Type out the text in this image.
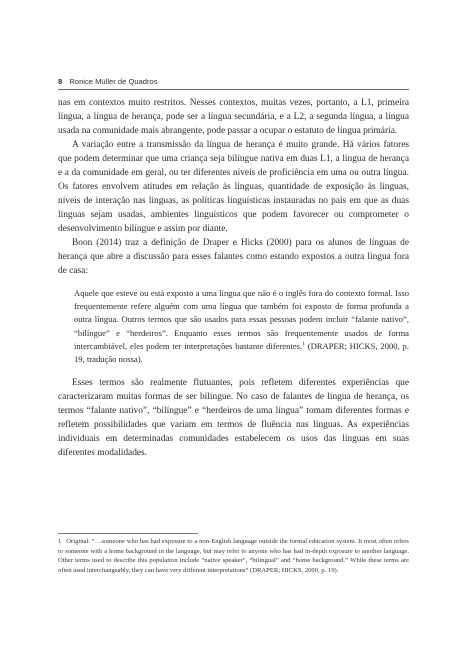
8 Ronice Müller de Quadros

nas em contextos muito restritos. Nesses contextos, muitas vezes, portanto, a L1, primeira língua, a língua de herança, pode ser a língua secundária, e a L2, a segunda língua, a língua usada na comunidade mais abrangente, pode passar a ocupar o estatuto de língua primária.

A variação entre a transmissão da língua de herança é muito grande. Há vários fatores que podem determinar que uma criança seja bilíngue nativa em duas L1, a língua de herança e a da comunidade em geral, ou ter diferentes níveis de proficiência em uma ou outra língua. Os fatores envolvem atitudes em relação às línguas, quantidade de exposição às línguas, níveis de interação nas línguas, as políticas linguísticas instauradas no país em que as duas línguas sejam usadas, ambientes linguísticos que podem favorecer ou comprometer o desenvolvimento bilíngue e assim por diante.

Boon (2014) traz a definição de Draper e Hicks (2000) para os alunos de línguas de herança que abre a discussão para esses falantes como estando expostos a outra língua fora de casa:

Aquele que esteve ou está exposto a uma língua que não é o inglês fora do contexto formal. Isso frequentemente refere alguém com uma língua que também foi exposto de forma profunda a outra língua. Outros termos que são usados para essas pessoas podem incluir “falante nativo”, “bilíngue” e “herdeiros”. Enquanto esses termos são frequentemente usados de forma intercambiável, eles podem ter interpretações bastante diferentes.$^1$ (DRAPER; HICKS, 2000, p. 19, tradução nossa).

Esses termos são realmente flutuantes, pois refletem diferentes experiências que caracterizaram muitas formas de ser bilíngue. No caso de falantes de língua de herança, os termos “falante nativo”, “bilíngue” e “herdeiros de uma língua” tomam diferentes formas e refletem possibilidades que variam em termos de fluência nas línguas. As experiências individuais em determinadas comunidades estabelecem os usos das línguas em suas diferentes modalidades.

1 Original: “…someone who has had exposure to a non-English language outside the formal education system. It most often refers to someone with a home background in the language, but may refer to anyone who has had in-depth exposure to another language. Other terms used to describe this population include “native speaker”, “bilingual” and “home background.” While these terms are often used interchangeably, they can have very different interpretations” (DRAPER; HICKS, 2000, p. 19).
